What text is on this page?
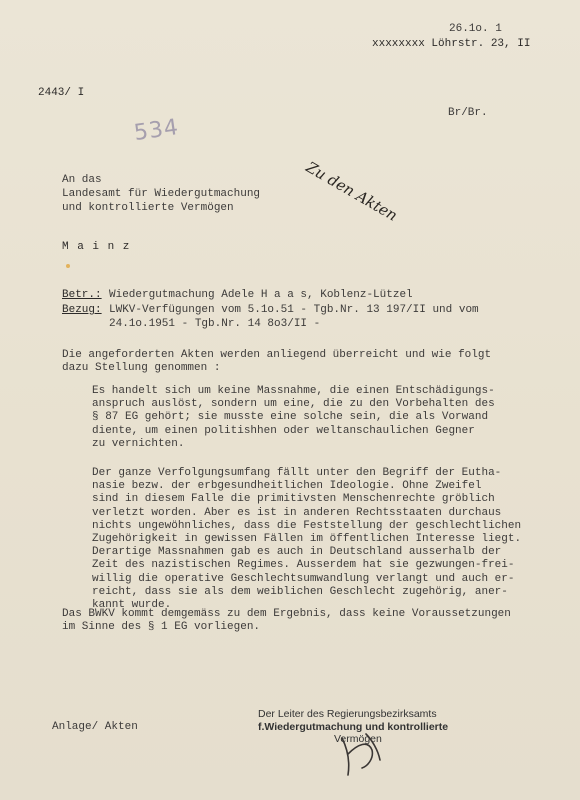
26.1o. 1
xxxxxxxx Löhrstr. 23, II
2443/ I
Br/Br.
534
Zu den Akten
An das
Landesamt für Wiedergutmachung
und kontrollierte Vermögen
M a i n z
Betr.: Wiedergutmachung Adele H a a s, Koblenz-Lützel
Bezug: LWKV-Verfügungen vom 5.1o.51 - Tgb.Nr. 13 197/II und vom
24.1o.1951 - Tgb.Nr. 14 8o3/II -
Die angeforderten Akten werden anliegend überreicht und wie folgt
dazu Stellung genommen :
Es handelt sich um keine Massnahme, die einen Entschädigungs-
anspruch auslöst, sondern um eine, die zu den Vorbehalten des
§ 87 EG gehört; sie musste eine solche sein, die als Vorwand
diente, um einen politishhen oder weltanschaulichen Gegner
zu vernichten.
Der ganze Verfolgungsumfang fällt unter den Begriff der Eutha-
nasie bezw. der erbgesundheitlichen Ideologie. Ohne Zweifel
sind in diesem Falle die primitivsten Menschenrechte gröblich
verletzt worden. Aber es ist in anderen Rechtsstaaten durchaus
nichts ungewöhnliches, dass die Feststellung der geschlechtlichen
Zugehörigkeit in gewissen Fällen im öffentlichen Interesse liegt.
Derartige Massnahmen gab es auch in Deutschland ausserhalb der
Zeit des nazistischen Regimes. Ausserdem hat sie gezwungen-frei-
willig die operative Geschlechtsumwandlung verlangt und auch er-
reicht, dass sie als dem weiblichen Geschlecht zugehörig, aner-
kannt wurde.
Das BWKV kommt demgemäss zu dem Ergebnis, dass keine Voraussetzungen
im Sinne des § 1 EG vorliegen.
Anlage/ Akten
Der Leiter des Regierungsbezirksamts
f.Wiedergutmachung und kontrollierte
Vermögen
